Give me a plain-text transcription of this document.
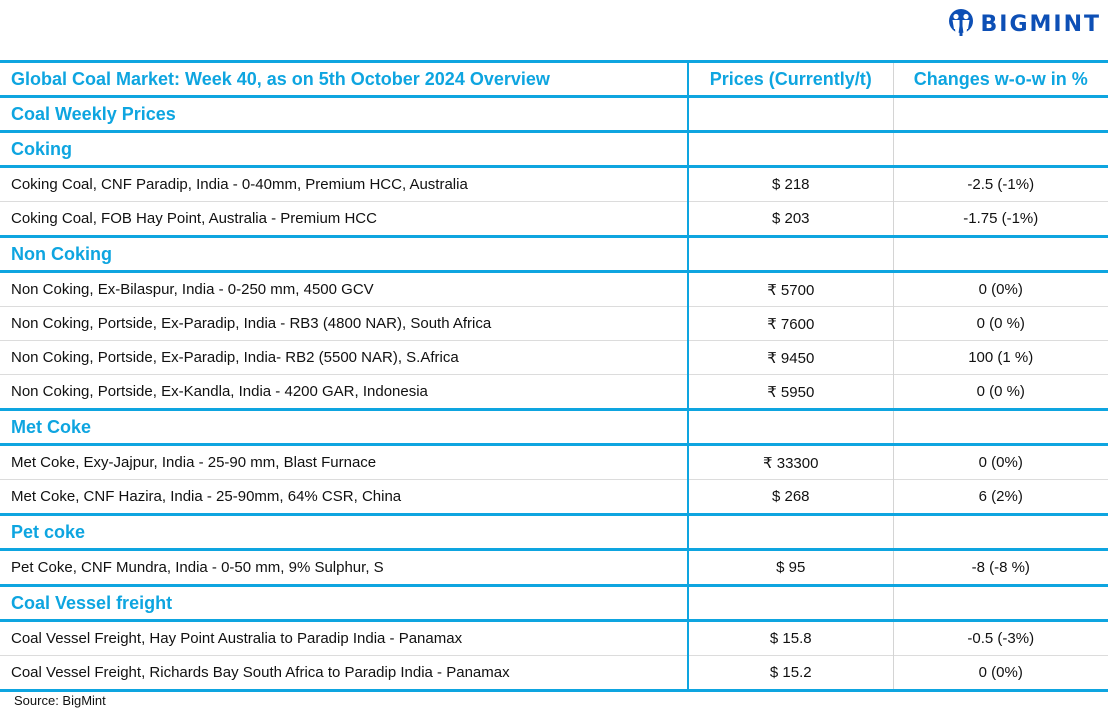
BIGMINT
Global Coal Market: Week 40, as on 5th October 2024 Overview	Prices (Currently/t)	Changes w-o-w in %
Coal Weekly Prices		
Coking		
Coking Coal, CNF Paradip, India - 0-40mm, Premium HCC, Australia	$ 218	-2.5 (-1%)
Coking Coal, FOB Hay Point, Australia - Premium HCC	$ 203	-1.75 (-1%)
Non Coking		
Non Coking, Ex-Bilaspur, India - 0-250 mm, 4500 GCV	₹ 5700	0 (0%)
Non Coking, Portside, Ex-Paradip, India - RB3 (4800 NAR), South Africa	₹ 7600	0 (0 %)
Non Coking, Portside, Ex-Paradip, India- RB2 (5500 NAR), S.Africa	₹ 9450	100 (1 %)
Non Coking, Portside, Ex-Kandla, India - 4200 GAR, Indonesia	₹ 5950	0 (0 %)
Met Coke		
Met Coke, Exy-Jajpur, India - 25-90 mm, Blast Furnace	₹ 33300	0 (0%)
Met Coke, CNF Hazira, India - 25-90mm, 64% CSR, China	$ 268	6 (2%)
Pet coke		
Pet Coke, CNF Mundra, India - 0-50 mm, 9% Sulphur, S	$ 95	-8 (-8 %)
Coal Vessel freight		
Coal Vessel Freight, Hay Point Australia to Paradip India - Panamax	$ 15.8	-0.5 (-3%)
Coal Vessel Freight, Richards Bay South Africa to Paradip India - Panamax	$ 15.2	0 (0%)
Source: BigMint
